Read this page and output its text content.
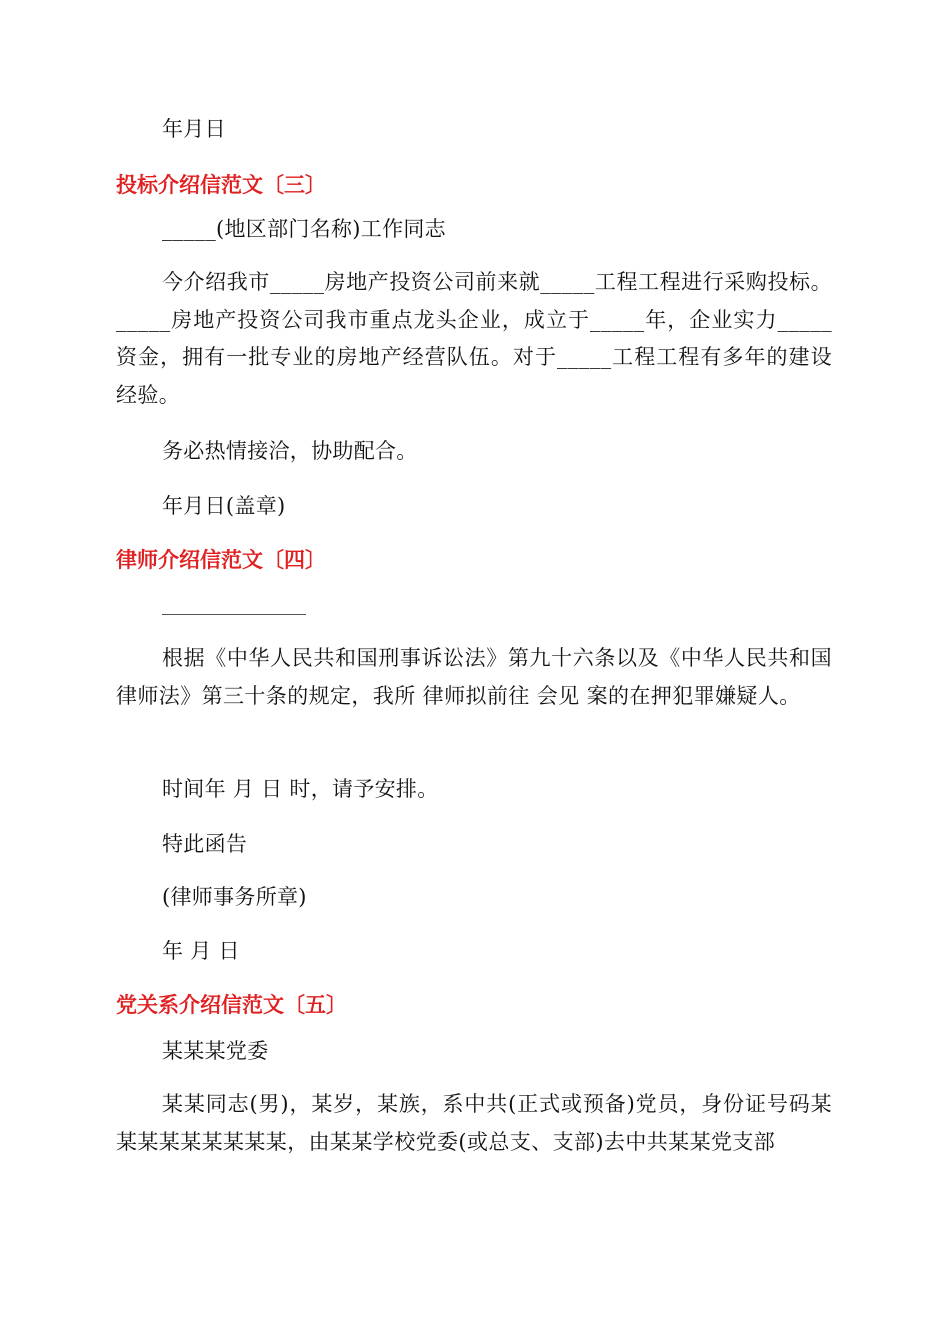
年月日
投标介绍信范文〔三〕
_____(地区部门名称)工作同志
今介绍我市_____房地产投资公司前来就_____工程工程进行采购投标。_____房地产投资公司我市重点龙头企业，成立于_____年，企业实力_____资金，拥有一批专业的房地产经营队伍。对于_____工程工程有多年的建设经验。
务必热情接洽，协助配合。
年月日(盖章)
律师介绍信范文〔四〕
根据《中华人民共和国刑事诉讼法》第九十六条以及《中华人民共和国律师法》第三十条的规定，我所 律师拟前往 会见 案的在押犯罪嫌疑人。
时间年 月 日 时，请予安排。
特此函告
(律师事务所章)
年 月 日
党关系介绍信范文〔五〕
某某某党委
某某同志(男)，某岁，某族，系中共(正式或预备)党员，身份证号码某某某某某某某某某，由某某学校党委(或总支、支部)去中共某某党支部
